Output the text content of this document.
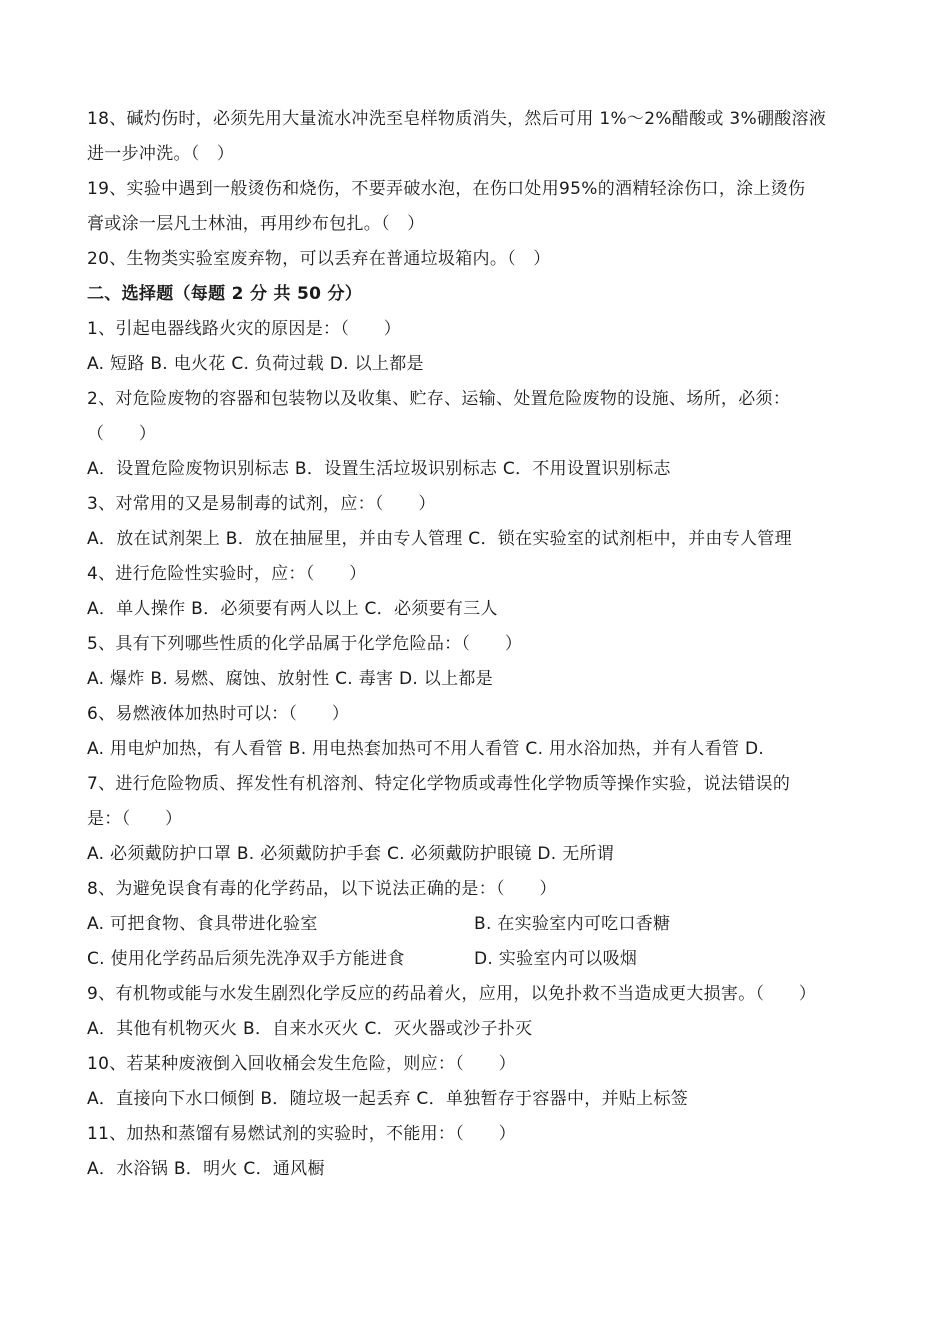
18、碱灼伤时，必须先用大量流水冲洗至皂样物质消失，然后可用 1%～2%醋酸或 3%硼酸溶液
进一步冲洗。（　）
19、实验中遇到一般烫伤和烧伤，不要弄破水泡，在伤口处用95%的酒精轻涂伤口，涂上烫伤
膏或涂一层凡士林油，再用纱布包扎。（　）
20、生物类实验室废弃物，可以丢弃在普通垃圾箱内。（　）
二、选择题（每题 2 分 共 50 分）
1、引起电器线路火灾的原因是：（　　）
A. 短路 B. 电火花 C. 负荷过载 D. 以上都是
2、对危险废物的容器和包装物以及收集、贮存、运输、处置危险废物的设施、场所，必须：
（　　）
A．设置危险废物识别标志 B．设置生活垃圾识别标志 C．不用设置识别标志
3、对常用的又是易制毒的试剂，应：（　　）
A．放在试剂架上 B．放在抽屉里，并由专人管理 C．锁在实验室的试剂柜中，并由专人管理
4、进行危险性实验时，应：（　　）
A．单人操作 B．必须要有两人以上 C．必须要有三人
5、具有下列哪些性质的化学品属于化学危险品：（　　）
A. 爆炸 B. 易燃、腐蚀、放射性 C. 毒害 D. 以上都是
6、易燃液体加热时可以：（　　）
A. 用电炉加热，有人看管 B. 用电热套加热可不用人看管 C. 用水浴加热，并有人看管 D.
7、进行危险物质、挥发性有机溶剂、特定化学物质或毒性化学物质等操作实验，说法错误的
是：（　　）
A. 必须戴防护口罩 B. 必须戴防护手套 C. 必须戴防护眼镜 D. 无所谓
8、为避免误食有毒的化学药品，以下说法正确的是：（　　）
A. 可把食物、食具带进化验室	B. 在实验室内可吃口香糖
C. 使用化学药品后须先洗净双手方能进食	D. 实验室内可以吸烟
9、有机物或能与水发生剧烈化学反应的药品着火，应用，以免扑救不当造成更大损害。（　　）
A．其他有机物灭火 B．自来水灭火 C．灭火器或沙子扑灭
10、若某种废液倒入回收桶会发生危险，则应：（　　）
A．直接向下水口倾倒 B．随垃圾一起丢弃 C．单独暂存于容器中，并贴上标签
11、加热和蒸馏有易燃试剂的实验时，不能用：（　　）
A．水浴锅 B．明火 C．通风橱
